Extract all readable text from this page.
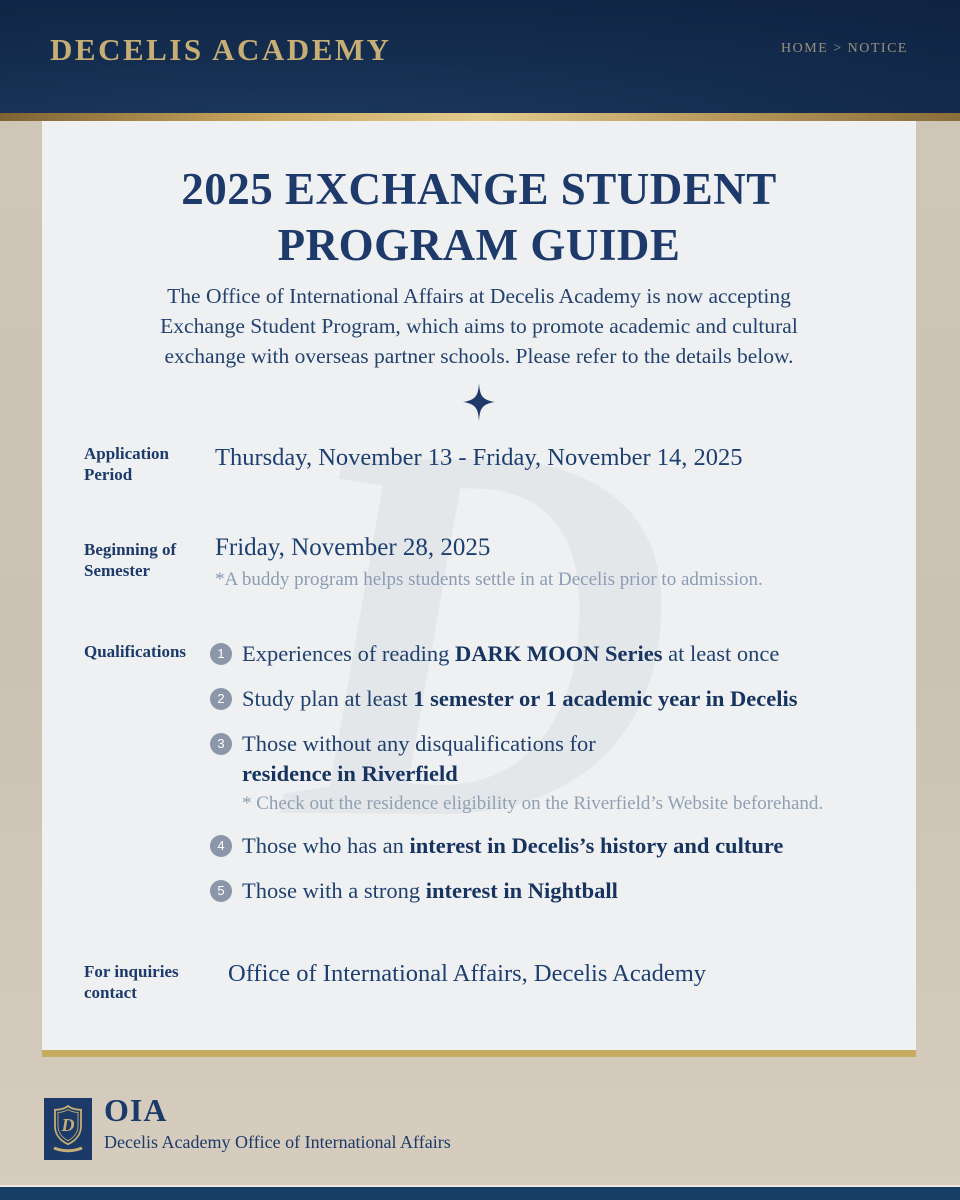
DECELIS ACADEMY	HOME > NOTICE
2025 EXCHANGE STUDENT
PROGRAM GUIDE
The Office of International Affairs at Decelis Academy is now accepting
Exchange Student Program, which aims to promote academic and cultural
exchange with overseas partner schools. Please refer to the details below.
Application Period
Thursday, November 13 - Friday, November 14, 2025
Beginning of Semester
Friday, November 28, 2025
*A buddy program helps students settle in at Decelis prior to admission.
Qualifications	1 Experiences of reading DARK MOON Series at least once
2 Study plan at least 1 semester or 1 academic year in Decelis
3 Those without any disqualifications for
residence in Riverfield
* Check out the residence eligibility on the Riverfield’s Website beforehand.
4 Those who has an interest in Decelis’s history and culture
5 Those with a strong interest in Nightball
For inquiries contact
Office of International Affairs, Decelis Academy
D OIA
Decelis Academy Office of International Affairs
